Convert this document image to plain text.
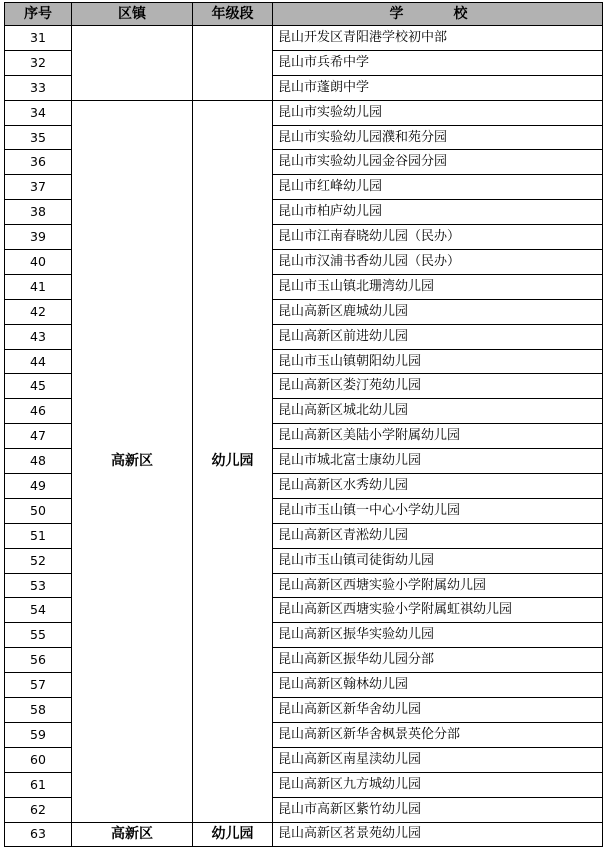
序号	区镇	年级段	学　校
31			昆山开发区青阳港学校初中部
32			昆山市兵希中学
33			昆山市蓬朗中学
34	高新区	幼儿园	昆山市实验幼儿园
35			昆山市实验幼儿园濮和苑分园
36			昆山市实验幼儿园金谷园分园
37			昆山市红峰幼儿园
38			昆山市柏庐幼儿园
39			昆山市江南春晓幼儿园（民办）
40			昆山市汉浦书香幼儿园（民办）
41			昆山市玉山镇北珊湾幼儿园
42			昆山高新区鹿城幼儿园
43			昆山高新区前进幼儿园
44			昆山市玉山镇朝阳幼儿园
45			昆山高新区娄汀苑幼儿园
46			昆山高新区城北幼儿园
47			昆山高新区美陆小学附属幼儿园
48			昆山市城北富士康幼儿园
49			昆山高新区水秀幼儿园
50			昆山市玉山镇一中心小学幼儿园
51			昆山高新区青淞幼儿园
52			昆山市玉山镇司徒街幼儿园
53			昆山高新区西塘实验小学附属幼儿园
54			昆山高新区西塘实验小学附属虹祺幼儿园
55			昆山高新区振华实验幼儿园
56			昆山高新区振华幼儿园分部
57			昆山高新区翰林幼儿园
58			昆山高新区新华舍幼儿园
59			昆山高新区新华舍枫景英伦分部
60			昆山高新区南星渎幼儿园
61			昆山高新区九方城幼儿园
62			昆山市高新区紫竹幼儿园
63	高新区	幼儿园	昆山高新区茗景苑幼儿园
